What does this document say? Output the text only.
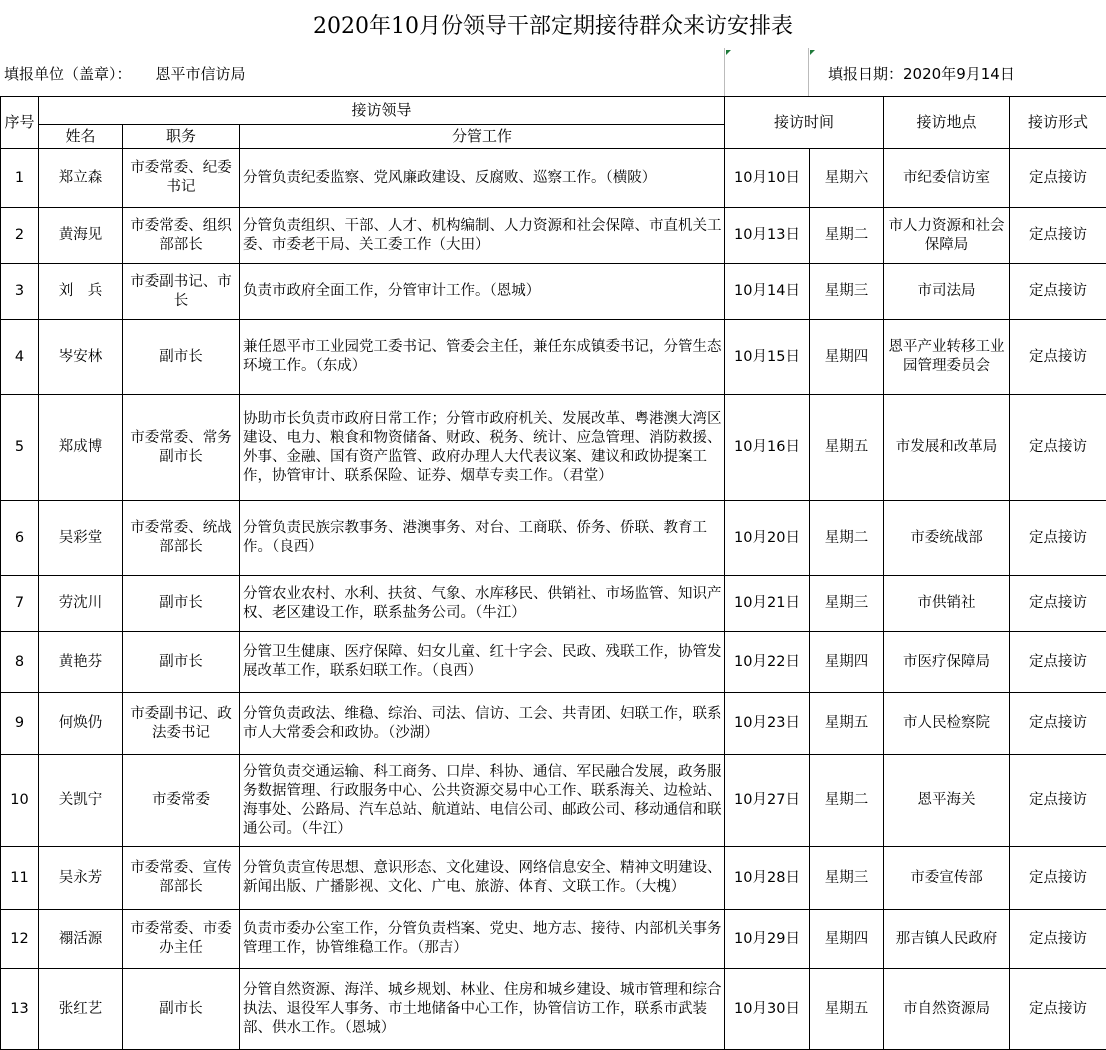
2020年10月份领导干部定期接待群众来访安排表
填报单位（盖章）： 恩平市信访局	填报日期： 2020年9月14日
序号	接访领导			接访时间		接访地点	接访形式
	姓名	职务	分管工作				
1	郑立森	市委常委、纪委书记	分管负责纪委监察、党风廉政建设、反腐败、巡察工作。（横陂）	10月10日	星期六	市纪委信访室	定点接访
2	黄海见	市委常委、组织部部长	分管负责组织、干部、人才、机构编制、人力资源和社会保障、市直机关工委、市委老干局、关工委工作（大田）	10月13日	星期二	市人力资源和社会保障局	定点接访
3	刘　兵	市委副书记、市长	负责市政府全面工作，分管审计工作。（恩城）	10月14日	星期三	市司法局	定点接访
4	岑安林	副市长	兼任恩平市工业园党工委书记、管委会主任，兼任东成镇委书记，分管生态环境工作。（东成）	10月15日	星期四	恩平产业转移工业园管理委员会	定点接访
5	郑成博	市委常委、常务副市长	协助市长负责市政府日常工作；分管市政府机关、发展改革、粤港澳大湾区建设、电力、粮食和物资储备、财政、税务、统计、应急管理、消防救援、外事、金融、国有资产监管、政府办理人大代表议案、建议和政协提案工作，协管审计、联系保险、证券、烟草专卖工作。（君堂）	10月16日	星期五	市发展和改革局	定点接访
6	吴彩堂	市委常委、统战部部长	分管负责民族宗教事务、港澳事务、对台、工商联、侨务、侨联、教育工作。（良西）	10月20日	星期二	市委统战部	定点接访
7	劳沈川	副市长	分管农业农村、水利、扶贫、气象、水库移民、供销社、市场监管、知识产权、老区建设工作，联系盐务公司。（牛江）	10月21日	星期三	市供销社	定点接访
8	黄艳芬	副市长	分管卫生健康、医疗保障、妇女儿童、红十字会、民政、残联工作，协管发展改革工作，联系妇联工作。（良西）	10月22日	星期四	市医疗保障局	定点接访
9	何焕仍	市委副书记、政法委书记	分管负责政法、维稳、综治、司法、信访、工会、共青团、妇联工作，联系市人大常委会和政协。（沙湖）	10月23日	星期五	市人民检察院	定点接访
10	关凯宁	市委常委	分管负责交通运输、科工商务、口岸、科协、通信、军民融合发展，政务服务数据管理、行政服务中心、公共资源交易中心工作、联系海关、边检站、海事处、公路局、汽车总站、航道站、电信公司、邮政公司、移动通信和联通公司。（牛江）	10月27日	星期二	恩平海关	定点接访
11	吴永芳	市委常委、宣传部部长	分管负责宣传思想、意识形态、文化建设、网络信息安全、精神文明建设、新闻出版、广播影视、文化、广电、旅游、体育、文联工作。（大槐）	10月28日	星期三	市委宣传部	定点接访
12	禤活源	市委常委、市委办主任	负责市委办公室工作，分管负责档案、党史、地方志、接待、内部机关事务管理工作，协管维稳工作。（那吉）	10月29日	星期四	那吉镇人民政府	定点接访
13	张红艺	副市长	分管自然资源、海洋、城乡规划、林业、住房和城乡建设、城市管理和综合执法、退役军人事务、市土地储备中心工作，协管信访工作，联系市武装部、供水工作。（恩城）	10月30日	星期五	市自然资源局	定点接访
